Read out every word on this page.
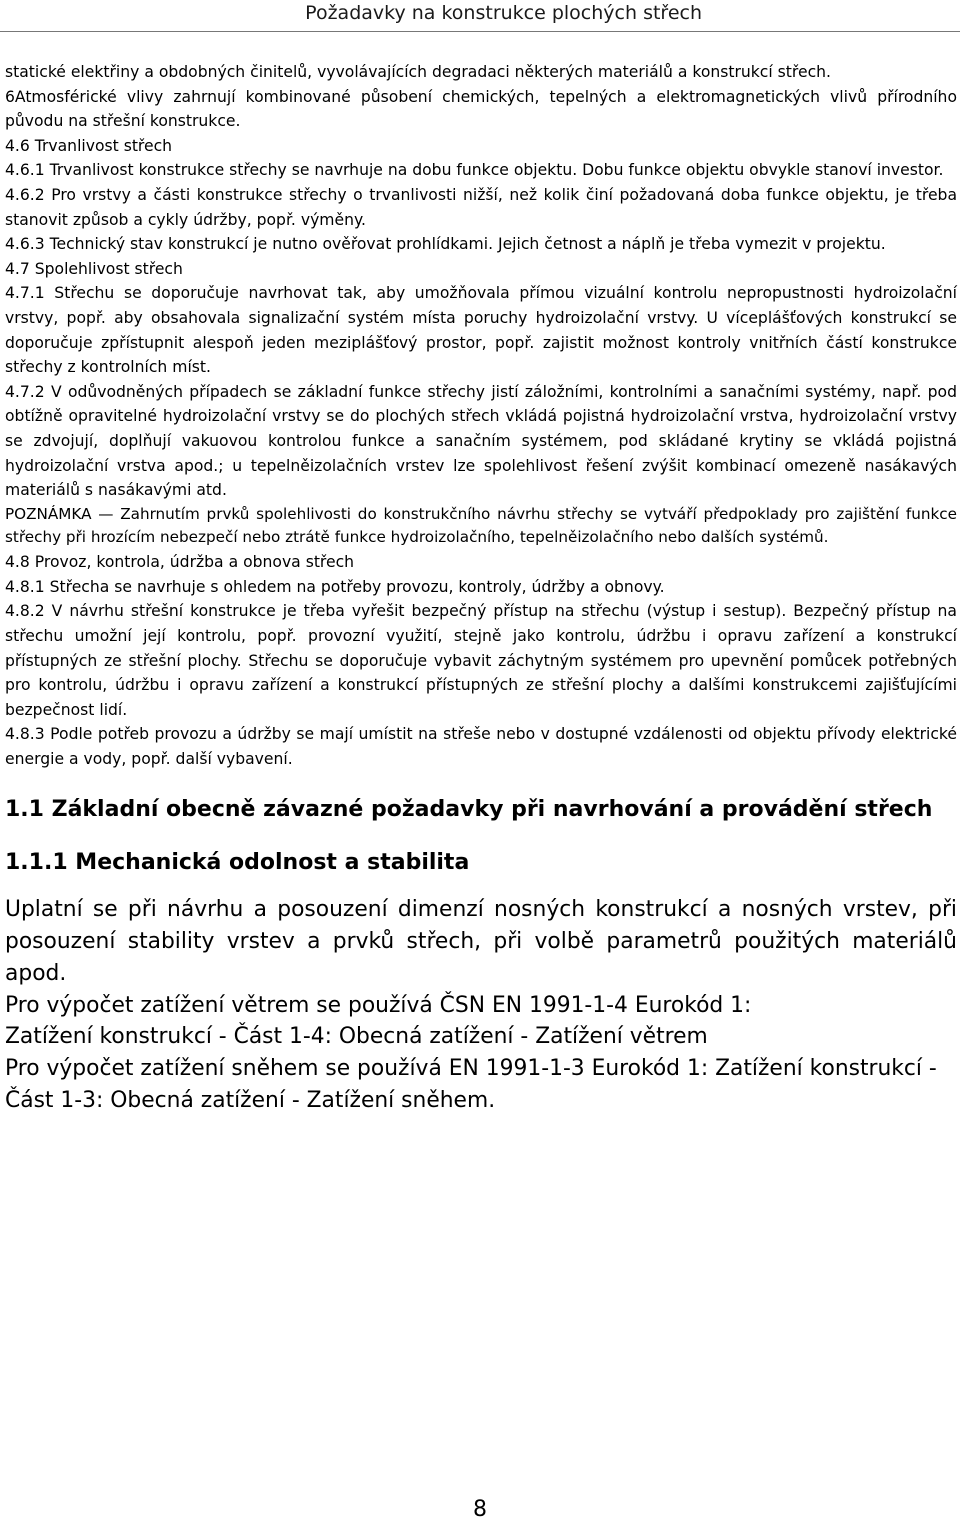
Požadavky na konstrukce plochých střech

statické elektřiny a obdobných činitelů, vyvolávajících degradaci některých materiálů a konstrukcí střech.

6Atmosférické vlivy zahrnují kombinované působení chemických, tepelných a elektromagnetických vlivů přírodního původu na střešní konstrukce.

4.6 Trvanlivost střech

4.6.1 Trvanlivost konstrukce střechy se navrhuje na dobu funkce objektu. Dobu funkce objektu obvykle stanoví investor.

4.6.2 Pro vrstvy a části konstrukce střechy o trvanlivosti nižší, než kolik činí požadovaná doba funkce objektu, je třeba stanovit způsob a cykly údržby, popř. výměny.

4.6.3 Technický stav konstrukcí je nutno ověřovat prohlídkami. Jejich četnost a náplň je třeba vymezit v projektu.

4.7 Spolehlivost střech

4.7.1 Střechu se doporučuje navrhovat tak, aby umožňovala přímou vizuální kontrolu nepropustnosti hydroizolační vrstvy, popř. aby obsahovala signalizační systém místa poruchy hydroizolační vrstvy. U víceplášťových konstrukcí se doporučuje zpřístupnit alespoň jeden meziplášťový prostor, popř. zajistit možnost kontroly vnitřních částí konstrukce střechy z kontrolních míst.

4.7.2 V odůvodněných případech se základní funkce střechy jistí záložními, kontrolními a sanačními systémy, např. pod obtížně opravitelné hydroizolační vrstvy se do plochých střech vkládá pojistná hydroizolační vrstva, hydroizolační vrstvy se zdvojují, doplňují vakuovou kontrolou funkce a sanačním systémem, pod skládané krytiny se vkládá pojistná hydroizolační vrstva apod.; u tepelněizolačních vrstev lze spolehlivost řešení zvýšit kombinací omezeně nasákavých materiálů s nasákavými atd.

POZNÁMKA — Zahrnutím prvků spolehlivosti do konstrukčního návrhu střechy se vytváří předpoklady pro zajištění funkce střechy při hrozícím nebezpečí nebo ztrátě funkce hydroizolačního, tepelněizolačního nebo dalších systémů.

4.8 Provoz, kontrola, údržba a obnova střech

4.8.1 Střecha se navrhuje s ohledem na potřeby provozu, kontroly, údržby a obnovy.

4.8.2 V návrhu střešní konstrukce je třeba vyřešit bezpečný přístup na střechu (výstup i sestup). Bezpečný přístup na střechu umožní její kontrolu, popř. provozní využití, stejně jako kontrolu, údržbu i opravu zařízení a konstrukcí přístupných ze střešní plochy. Střechu se doporučuje vybavit záchytným systémem pro upevnění pomůcek potřebných pro kontrolu, údržbu i opravu zařízení a konstrukcí přístupných ze střešní plochy a dalšími konstrukcemi zajišťujícími bezpečnost lidí.

4.8.3 Podle potřeb provozu a údržby se mají umístit na střeše nebo v dostupné vzdálenosti od objektu přívody elektrické energie a vody, popř. další vybavení.

1.1 Základní obecně závazné požadavky při navrhování a provádění střech

1.1.1 Mechanická odolnost a stabilita

Uplatní se při návrhu a posouzení dimenzí nosných konstrukcí a nosných vrstev, při posouzení stability vrstev a prvků střech, při volbě parametrů použitých materiálů apod.

Pro výpočet zatížení větrem se používá ČSN EN 1991-1-4 Eurokód 1:

Zatížení konstrukcí - Část 1-4: Obecná zatížení - Zatížení větrem

Pro výpočet zatížení sněhem se používá EN 1991-1-3 Eurokód 1: Zatížení konstrukcí - Část 1-3: Obecná zatížení - Zatížení sněhem.

8
